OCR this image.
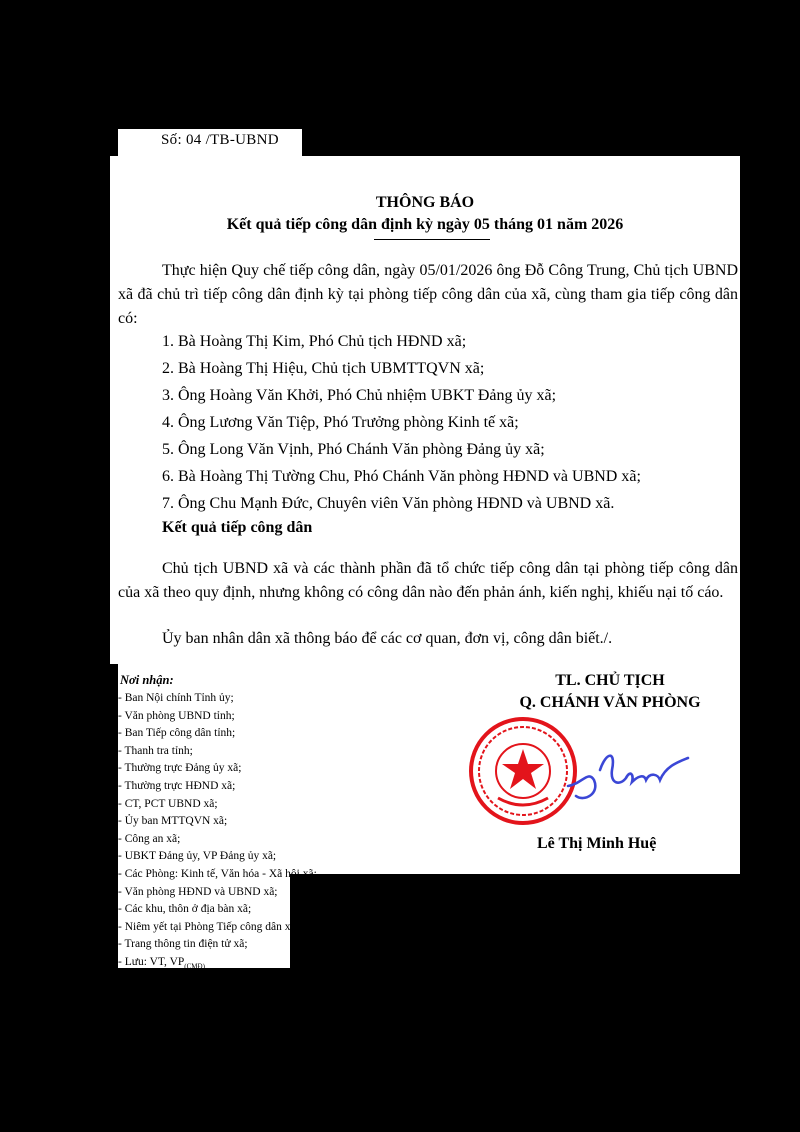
Số: 04 /TB-UBND
THÔNG BÁO
Kết quả tiếp công dân định kỳ ngày 05 tháng 01 năm 2026
Thực hiện Quy chế tiếp công dân, ngày 05/01/2026 ông Đỗ Công Trung, Chủ tịch UBND xã đã chủ trì tiếp công dân định kỳ tại phòng tiếp công dân của xã, cùng tham gia tiếp công dân có:
1. Bà Hoàng Thị Kim, Phó Chủ tịch HĐND xã;
2. Bà Hoàng Thị Hiệu, Chủ tịch UBMTTQVN xã;
3. Ông Hoàng Văn Khởi, Phó Chủ nhiệm UBKT Đảng ủy xã;
4. Ông Lương Văn Tiệp, Phó Trưởng phòng Kinh tế xã;
5. Ông Long Văn Vịnh, Phó Chánh Văn phòng Đảng ủy xã;
6. Bà Hoàng Thị Tường Chu, Phó Chánh Văn phòng HĐND và UBND xã;
7. Ông Chu Mạnh Đức, Chuyên viên Văn phòng HĐND và UBND xã.
Kết quả tiếp công dân
Chủ tịch UBND xã và các thành phần đã tổ chức tiếp công dân tại phòng tiếp công dân của xã theo quy định, nhưng không có công dân nào đến phản ánh, kiến nghị, khiếu nại tố cáo.
Ủy ban nhân dân xã thông báo để các cơ quan, đơn vị, công dân biết./.
Nơi nhận:
- Ban Nội chính Tỉnh ủy;
- Văn phòng UBND tỉnh;
- Ban Tiếp công dân tỉnh;
- Thanh tra tỉnh;
- Thường trực Đảng ủy xã;
- Thường trực HĐND xã;
- CT, PCT UBND xã;
- Ủy ban MTTQVN xã;
- Công an xã;
- UBKT Đảng ủy, VP Đảng ủy xã;
- Các Phòng: Kinh tế, Văn hóa - Xã hội xã;
- Văn phòng HĐND và UBND xã;
- Các khu, thôn ở địa bàn xã;
- Niêm yết tại Phòng Tiếp công dân xã;
- Trang thông tin điện tử xã;
- Lưu: VT, $VP_{(CMĐ)}$
TL. CHỦ TỊCH
Q. CHÁNH VĂN PHÒNG
Lê Thị Minh Huệ
